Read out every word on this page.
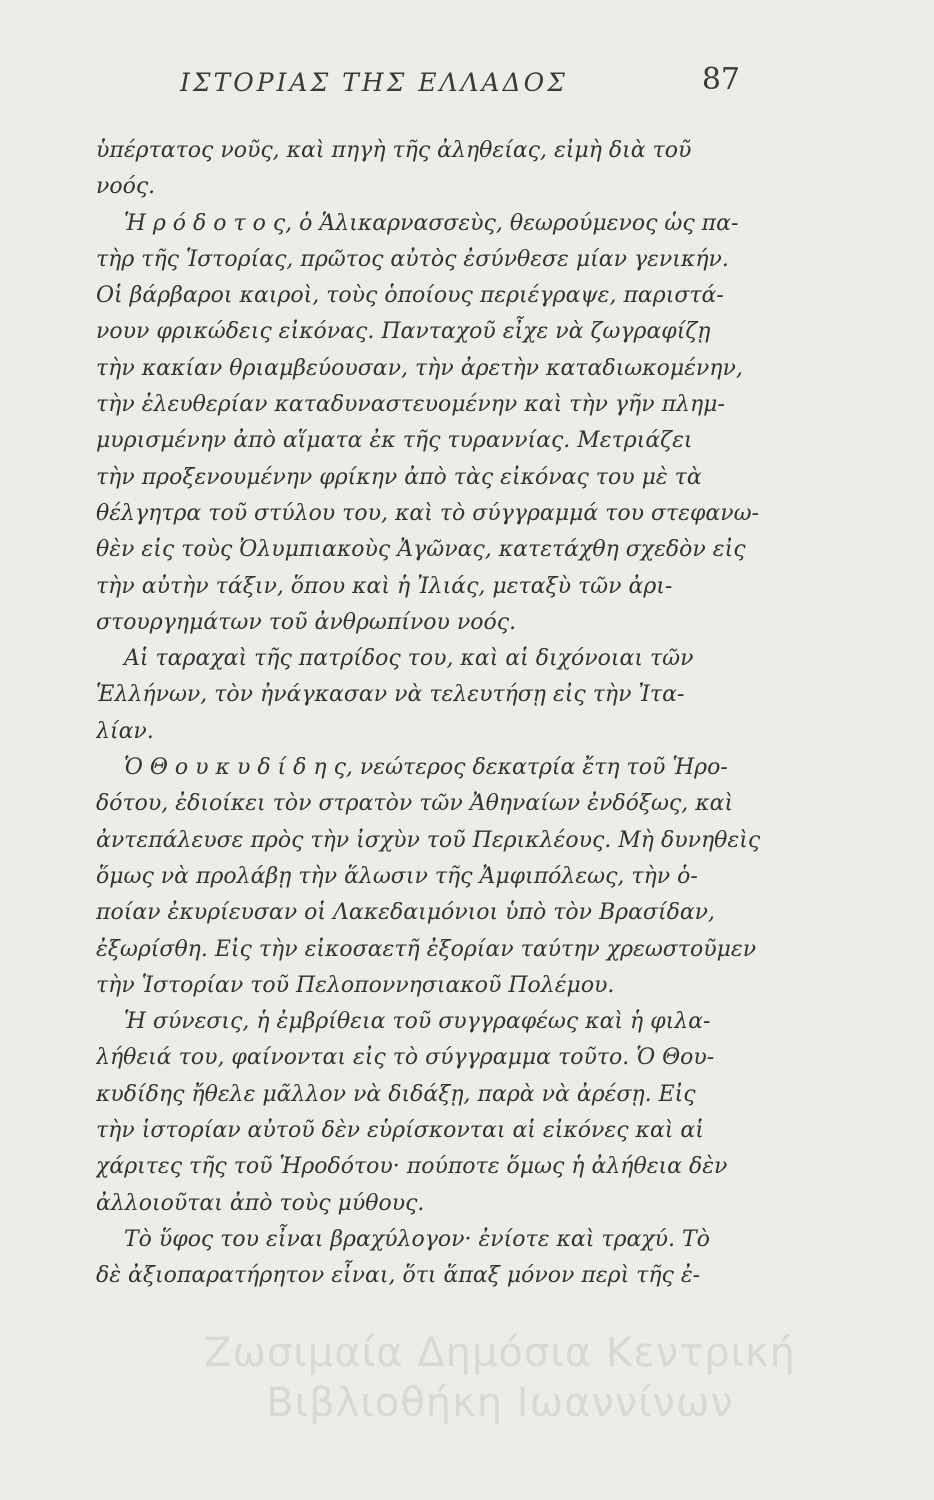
ΙΣΤΟΡΙΑΣ ΤΗΣ ΕΛΛΑΔΟΣ	87
ὑπέρτατος νοῦς, καὶ πηγὴ τῆς ἀληθείας, εἰμὴ διὰ τοῦ
νοός.
Ἡ ρ ό δ ο τ ο ς, ὁ Ἁλικαρνασσεὺς, θεωρούμενος ὡς πα-
τὴρ τῆς Ἱστορίας, πρῶτος αὐτὸς ἐσύνθεσε μίαν γενικήν.
Οἱ βάρβαροι καιροὶ, τοὺς ὁποίους περιέγραψε, παριστά-
νουν φρικώδεις εἰκόνας. Πανταχοῦ εἶχε νὰ ζωγραφίζῃ
τὴν κακίαν θριαμβεύουσαν, τὴν ἀρετὴν καταδιωκομένην,
τὴν ἐλευθερίαν καταδυναστευομένην καὶ τὴν γῆν πλημ-
μυρισμένην ἀπὸ αἵματα ἐκ τῆς τυραννίας. Μετριάζει
τὴν προξενουμένην φρίκην ἀπὸ τὰς εἰκόνας του μὲ τὰ
θέλγητρα τοῦ στύλου του, καὶ τὸ σύγγραμμά του στεφανω-
θὲν εἰς τοὺς Ὀλυμπιακοὺς Ἀγῶνας, κατετάχθη σχεδὸν εἰς
τὴν αὐτὴν τάξιν, ὅπου καὶ ἡ Ἰλιάς, μεταξὺ τῶν ἀρι-
στουργημάτων τοῦ ἀνθρωπίνου νοός.
Αἱ ταραχαὶ τῆς πατρίδος του, καὶ αἱ διχόνοιαι τῶν
Ἑλλήνων, τὸν ἠνάγκασαν νὰ τελευτήσῃ εἰς τὴν Ἰτα-
λίαν.
Ὁ Θ ο υ κ υ δ ί δ η ς, νεώτερος δεκατρία ἔτη τοῦ Ἡρο-
δότου, ἐδιοίκει τὸν στρατὸν τῶν Ἀθηναίων ἐνδόξως, καὶ
ἀντεπάλευσε πρὸς τὴν ἰσχὺν τοῦ Περικλέους. Μὴ δυνηθεὶς
ὅμως νὰ προλάβῃ τὴν ἅλωσιν τῆς Ἀμφιπόλεως, τὴν ὁ-
ποίαν ἐκυρίευσαν οἱ Λακεδαιμόνιοι ὑπὸ τὸν Βρασίδαν,
ἐξωρίσθη. Εἰς τὴν εἰκοσαετῆ ἐξορίαν ταύτην χρεωστοῦμεν
τὴν Ἱστορίαν τοῦ Πελοποννησιακοῦ Πολέμου.
Ἡ σύνεσις, ἡ ἐμβρίθεια τοῦ συγγραφέως καὶ ἡ φιλα-
λήθειά του, φαίνονται εἰς τὸ σύγγραμμα τοῦτο. Ὁ Θου-
κυδίδης ἤθελε μᾶλλον νὰ διδάξῃ, παρὰ νὰ ἀρέσῃ. Εἰς
τὴν ἱστορίαν αὐτοῦ δὲν εὑρίσκονται αἱ εἰκόνες καὶ αἱ
χάριτες τῆς τοῦ Ἡροδότου· πούποτε ὅμως ἡ ἀλήθεια δὲν
ἀλλοιοῦται ἀπὸ τοὺς μύθους.
Τὸ ὕφος του εἶναι βραχύλογον· ἐνίοτε καὶ τραχύ. Τὸ
δὲ ἀξιοπαρατήρητον εἶναι, ὅτι ἅπαξ μόνον περὶ τῆς ἐ-
Ζωσιμαία Δημόσια Κεντρική
Βιβλιοθήκη Ιωαννίνων
